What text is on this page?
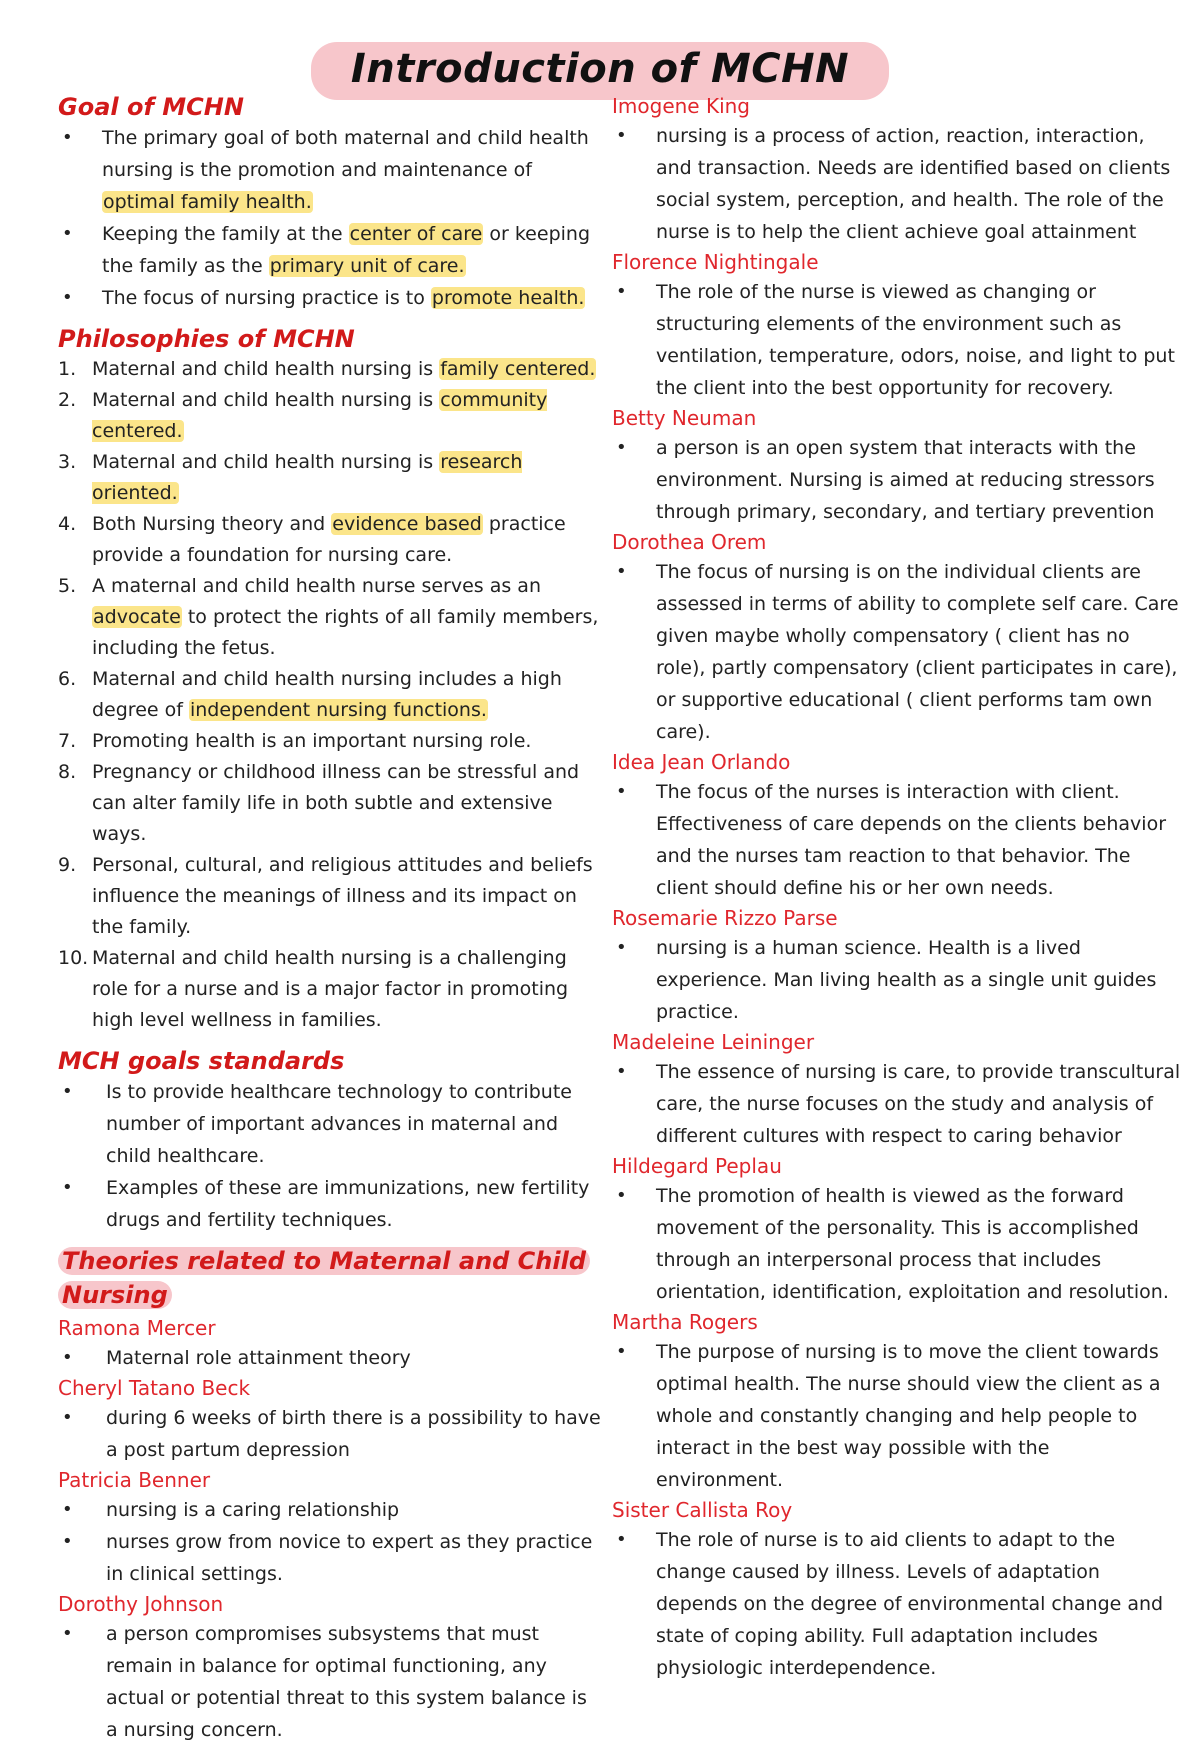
Introduction of MCHN
Goal of MCHN
• The primary goal of both maternal and child health nursing is the promotion and maintenance of optimal family health.
• Keeping the family at the center of care or keeping the family as the primary unit of care.
• The focus of nursing practice is to promote health.
Philosophies of MCHN
1. Maternal and child health nursing is family centered.
2. Maternal and child health nursing is community centered.
3. Maternal and child health nursing is research oriented.
4. Both Nursing theory and evidence based practice provide a foundation for nursing care.
5. A maternal and child health nurse serves as an advocate to protect the rights of all family members, including the fetus.
6. Maternal and child health nursing includes a high degree of independent nursing functions.
7. Promoting health is an important nursing role.
8. Pregnancy or childhood illness can be stressful and can alter family life in both subtle and extensive ways.
9. Personal, cultural, and religious attitudes and beliefs influence the meanings of illness and its impact on the family.
10. Maternal and child health nursing is a challenging role for a nurse and is a major factor in promoting high level wellness in families.
MCH goals standards
• Is to provide healthcare technology to contribute number of important advances in maternal and child healthcare.
• Examples of these are immunizations, new fertility drugs and fertility techniques.
Theories related to Maternal and Child Nursing
Ramona Mercer
• Maternal role attainment theory
Cheryl Tatano Beck
• during 6 weeks of birth there is a possibility to have a post partum depression
Patricia Benner
• nursing is a caring relationship
• nurses grow from novice to expert as they practice in clinical settings.
Dorothy Johnson
• a person compromises subsystems that must remain in balance for optimal functioning, any actual or potential threat to this system balance is a nursing concern.
Imogene King
• nursing is a process of action, reaction, interaction, and transaction. Needs are identified based on clients social system, perception, and health. The role of the nurse is to help the client achieve goal attainment
Florence Nightingale
• The role of the nurse is viewed as changing or structuring elements of the environment such as ventilation, temperature, odors, noise, and light to put the client into the best opportunity for recovery.
Betty Neuman
• a person is an open system that interacts with the environment. Nursing is aimed at reducing stressors through primary, secondary, and tertiary prevention
Dorothea Orem
• The focus of nursing is on the individual clients are assessed in terms of ability to complete self care. Care given maybe wholly compensatory ( client has no role), partly compensatory (client participates in care), or supportive educational ( client performs tam own care).
Idea Jean Orlando
• The focus of the nurses is interaction with client. Effectiveness of care depends on the clients behavior and the nurses tam reaction to that behavior. The client should define his or her own needs.
Rosemarie Rizzo Parse
• nursing is a human science. Health is a lived experience. Man living health as a single unit guides practice.
Madeleine Leininger
• The essence of nursing is care, to provide transcultural care, the nurse focuses on the study and analysis of different cultures with respect to caring behavior
Hildegard Peplau
• The promotion of health is viewed as the forward movement of the personality. This is accomplished through an interpersonal process that includes orientation, identification, exploitation and resolution.
Martha Rogers
• The purpose of nursing is to move the client towards optimal health. The nurse should view the client as a whole and constantly changing and help people to interact in the best way possible with the environment.
Sister Callista Roy
• The role of nurse is to aid clients to adapt to the change caused by illness. Levels of adaptation depends on the degree of environmental change and state of coping ability. Full adaptation includes physiologic interdependence.
